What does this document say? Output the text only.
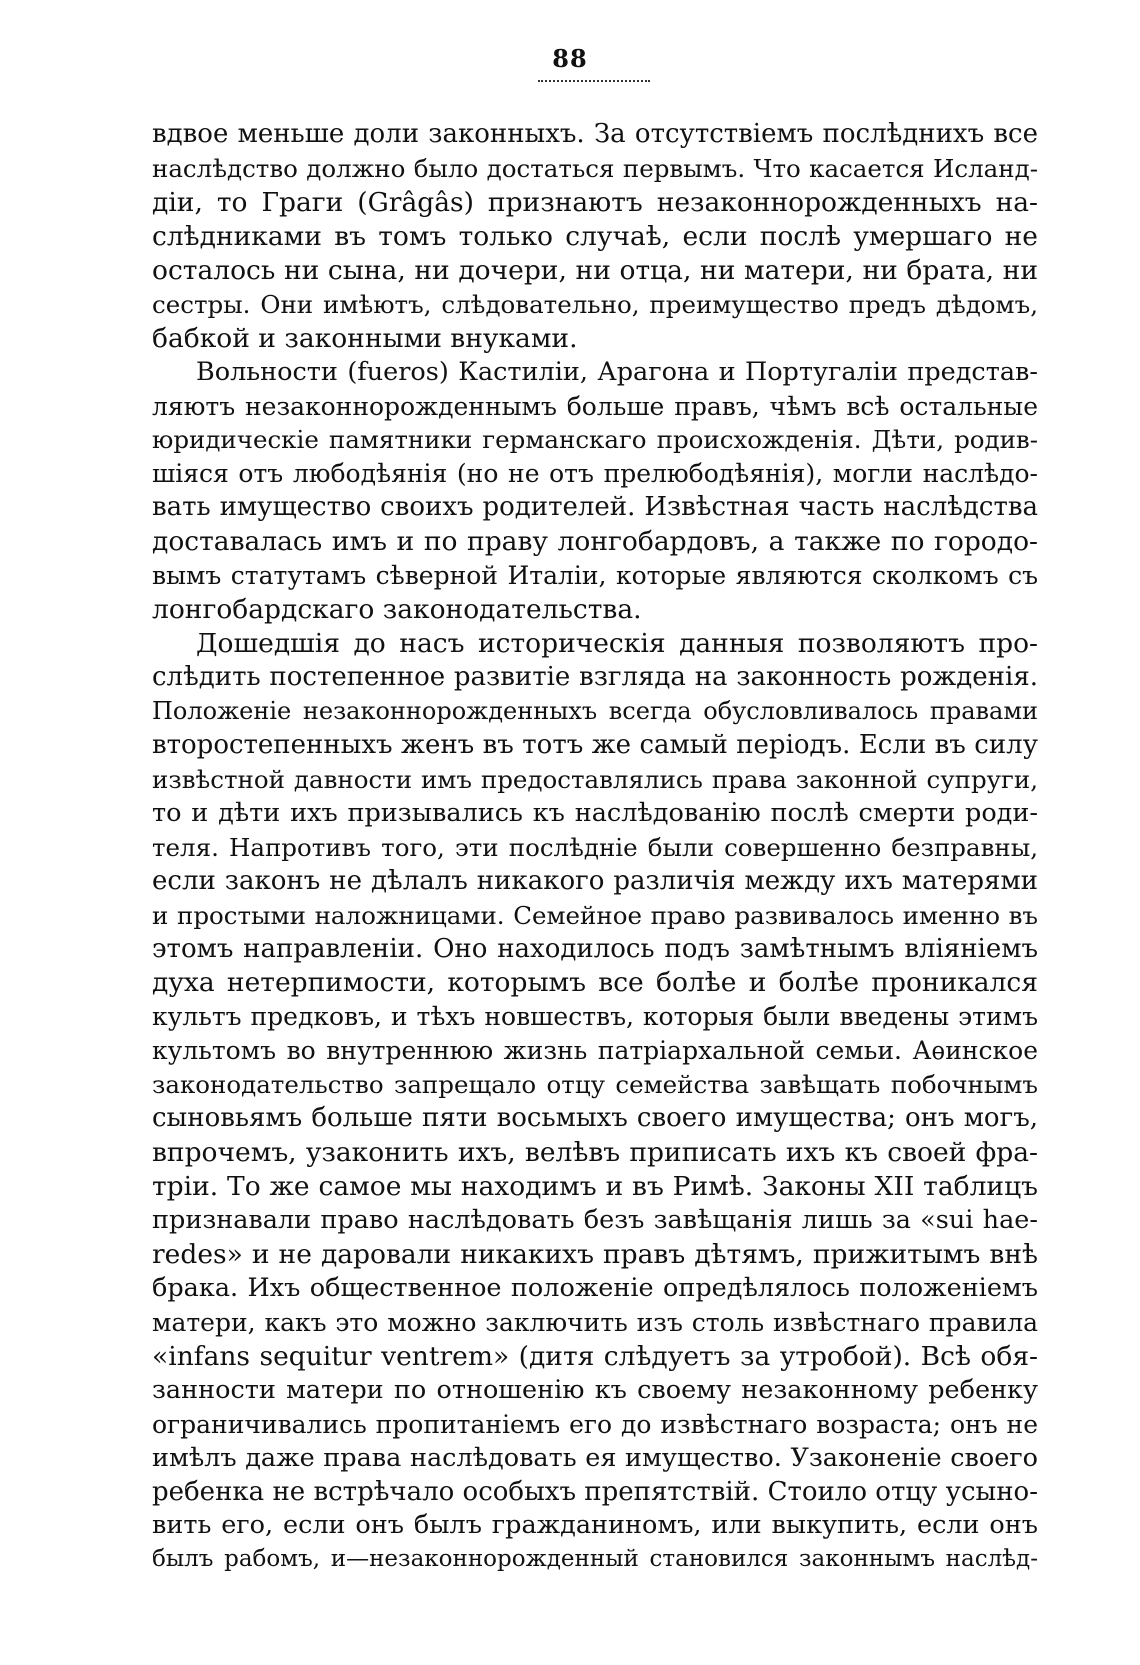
88
вдвое меньше доли законныхъ. За отсутствіемъ послѣднихъ все
наслѣдство должно было достаться первымъ. Что касается Исланд-
діи, то Граги (Grâgâs) признаютъ незаконнорожденныхъ на-
слѣдниками въ томъ только случаѣ, если послѣ умершаго не
осталось ни сына, ни дочери, ни отца, ни матери, ни брата, ни
сестры. Они имѣютъ, слѣдовательно, преимущество предъ дѣдомъ,
бабкой и законными внуками.
Вольности (fueros) Кастиліи, Арагона и Португаліи представ-
ляютъ незаконнорожденнымъ больше правъ, чѣмъ всѣ остальные
юридическіе памятники германскаго происхожденія. Дѣти, родив-
шіяся отъ любодѣянія (но не отъ прелюбодѣянія), могли наслѣдо-
вать имущество своихъ родителей. Извѣстная часть наслѣдства
доставалась имъ и по праву лонгобардовъ, а также по городо-
вымъ статутамъ сѣверной Италіи, которые являются сколкомъ съ
лонгобардскаго законодательства.
Дошедшія до насъ историческія данныя позволяютъ про-
слѣдить постепенное развитіе взгляда на законность рожденія.
Положеніе незаконнорожденныхъ всегда обусловливалось правами
второстепенныхъ женъ въ тотъ же самый періодъ. Если въ силу
извѣстной давности имъ предоставлялись права законной супруги,
то и дѣти ихъ призывались къ наслѣдованію послѣ смерти роди-
теля. Напротивъ того, эти послѣдніе были совершенно безправны,
если законъ не дѣлалъ никакого различія между ихъ матерями
и простыми наложницами. Семейное право развивалось именно въ
этомъ направленіи. Оно находилось подъ замѣтнымъ вліяніемъ
духа нетерпимости, которымъ все болѣе и болѣе проникался
культъ предковъ, и тѣхъ новшествъ, которыя были введены этимъ
культомъ во внутреннюю жизнь патріархальной семьи. Аѳинское
законодательство запрещало отцу семейства завѣщать побочнымъ
сыновьямъ больше пяти восьмыхъ своего имущества; онъ могъ,
впрочемъ, узаконить ихъ, велѣвъ приписать ихъ къ своей фра-
тріи. То же самое мы находимъ и въ Римѣ. Законы XII таблицъ
признавали право наслѣдовать безъ завѣщанія лишь за «sui hae-
redes» и не даровали никакихъ правъ дѣтямъ, прижитымъ внѣ
брака. Ихъ общественное положеніе опредѣлялось положеніемъ
матери, какъ это можно заключить изъ столь извѣстнаго правила
«infans sequitur ventrem» (дитя слѣдуетъ за утробой). Всѣ обя-
занности матери по отношенію къ своему незаконному ребенку
ограничивались пропитаніемъ его до извѣстнаго возраста; онъ не
имѣлъ даже права наслѣдовать ея имущество. Узаконеніе своего
ребенка не встрѣчало особыхъ препятствій. Стоило отцу усыно-
вить его, если онъ былъ гражданиномъ, или выкупить, если онъ
былъ рабомъ, и—незаконнорожденный становился законнымъ наслѣд-
